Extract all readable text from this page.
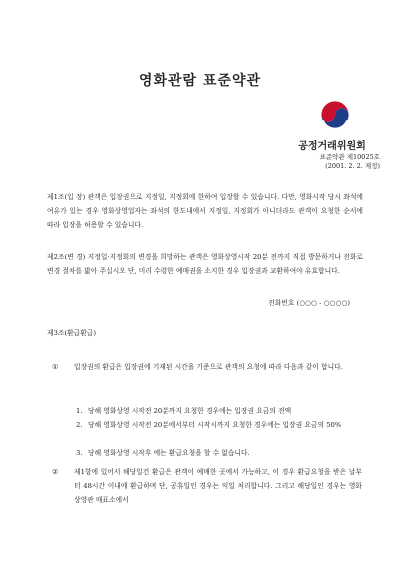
영화관람 표준약관
공정거래위원회
표준약관 제10025호
(2001. 2. 2. 제정)
제1조(입 장) 관객은 입장권으로 지정일, 지정회에 한하여 입장할 수 있습니다. 다만, 영화시작 당시 좌석에 여유가 있는 경우 영화상영업자는 좌석의 한도내에서 지정일, 지정회가 아니더라도 관객이 요청한 순서에 따라 입장을 허용할 수 있습니다.
제2조(변 경) 지정일·지정회의 변경을 희망하는 관객은 영화상영시작 20분 전까지 직접 방문하거나 전화로 변경 절차를 밟아 주십시오 단, 미리 수령한 예매권을 소지한 경우 입장권과 교환하여야 유효합니다.
전화번호 (○○○ - ○○○○)
제3조(환급환급)
① 입장권의 환급은 입장권에 기재된 시간을 기준으로 관객의 요청에 따라 다음과 같이 합니다.
1. 당해 영화상영 시작전 20분까지 요청한 경우에는 입장권 요금의 전액
2. 당해 영화상영 시작전 20분에서부터 시작시까지 요청한 경우에는 입장권 요금의 50%
3. 당해 영화상영 시작후 에는 환급요청을 할 수 없습니다.
② 제1항에 있어서 해당일건 환급은 관객이 예매한 곳에서 가능하고, 이 경우 환급요청을 받은 날부터 48시간 이내에 환급하며 단, 공휴일인 경우는 익일 처리합니다. 그리고 해당일인 경우는 영화상영관 매표소에서
